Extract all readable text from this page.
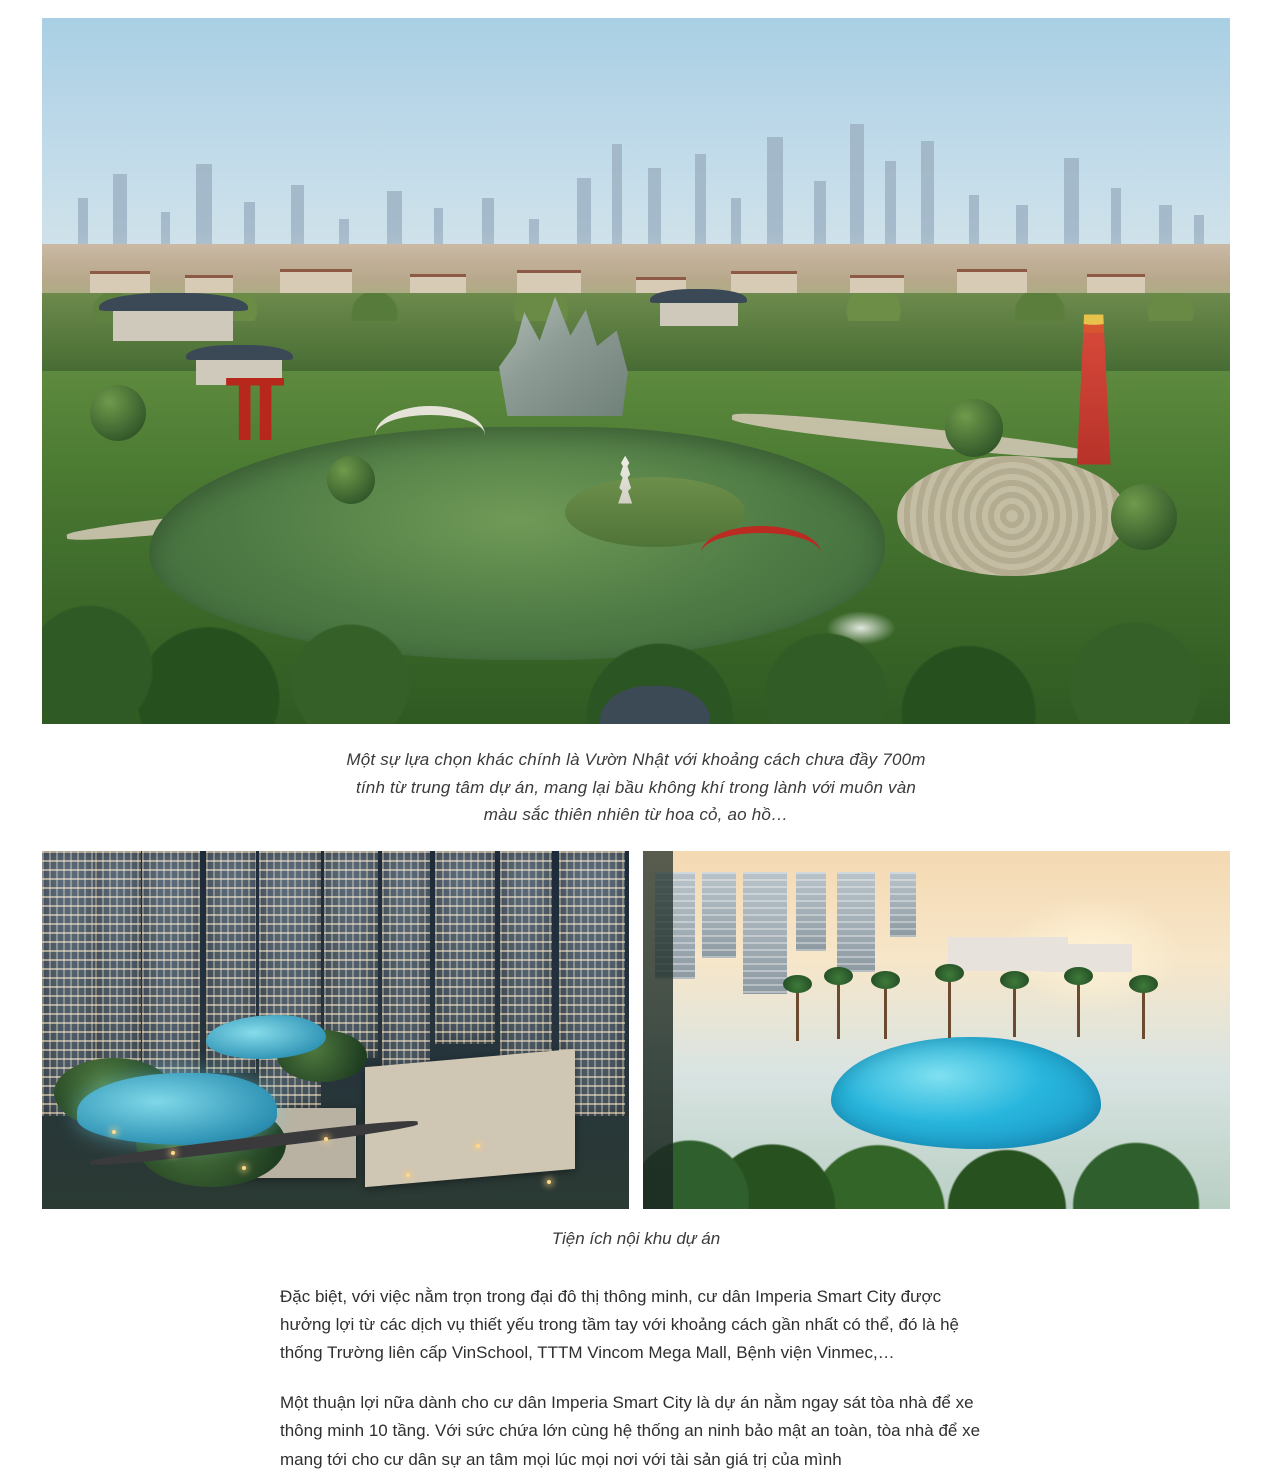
Một sự lựa chọn khác chính là Vườn Nhật với khoảng cách chưa đầy 700m
tính từ trung tâm dự án, mang lại bầu không khí trong lành với muôn vàn
màu sắc thiên nhiên từ hoa cỏ, ao hồ…

Tiện ích nội khu dự án

Đặc biệt, với việc nằm trọn trong đại đô thị thông minh, cư dân Imperia Smart City được hưởng lợi từ các dịch vụ thiết yếu trong tầm tay với khoảng cách gần nhất có thể, đó là hệ thống Trường liên cấp VinSchool, TTTM Vincom Mega Mall, Bệnh viện Vinmec,…

Một thuận lợi nữa dành cho cư dân Imperia Smart City là dự án nằm ngay sát tòa nhà để xe thông minh 10 tầng. Với sức chứa lớn cùng hệ thống an ninh bảo mật an toàn, tòa nhà để xe mang tới cho cư dân sự an tâm mọi lúc mọi nơi với tài sản giá trị của mình
